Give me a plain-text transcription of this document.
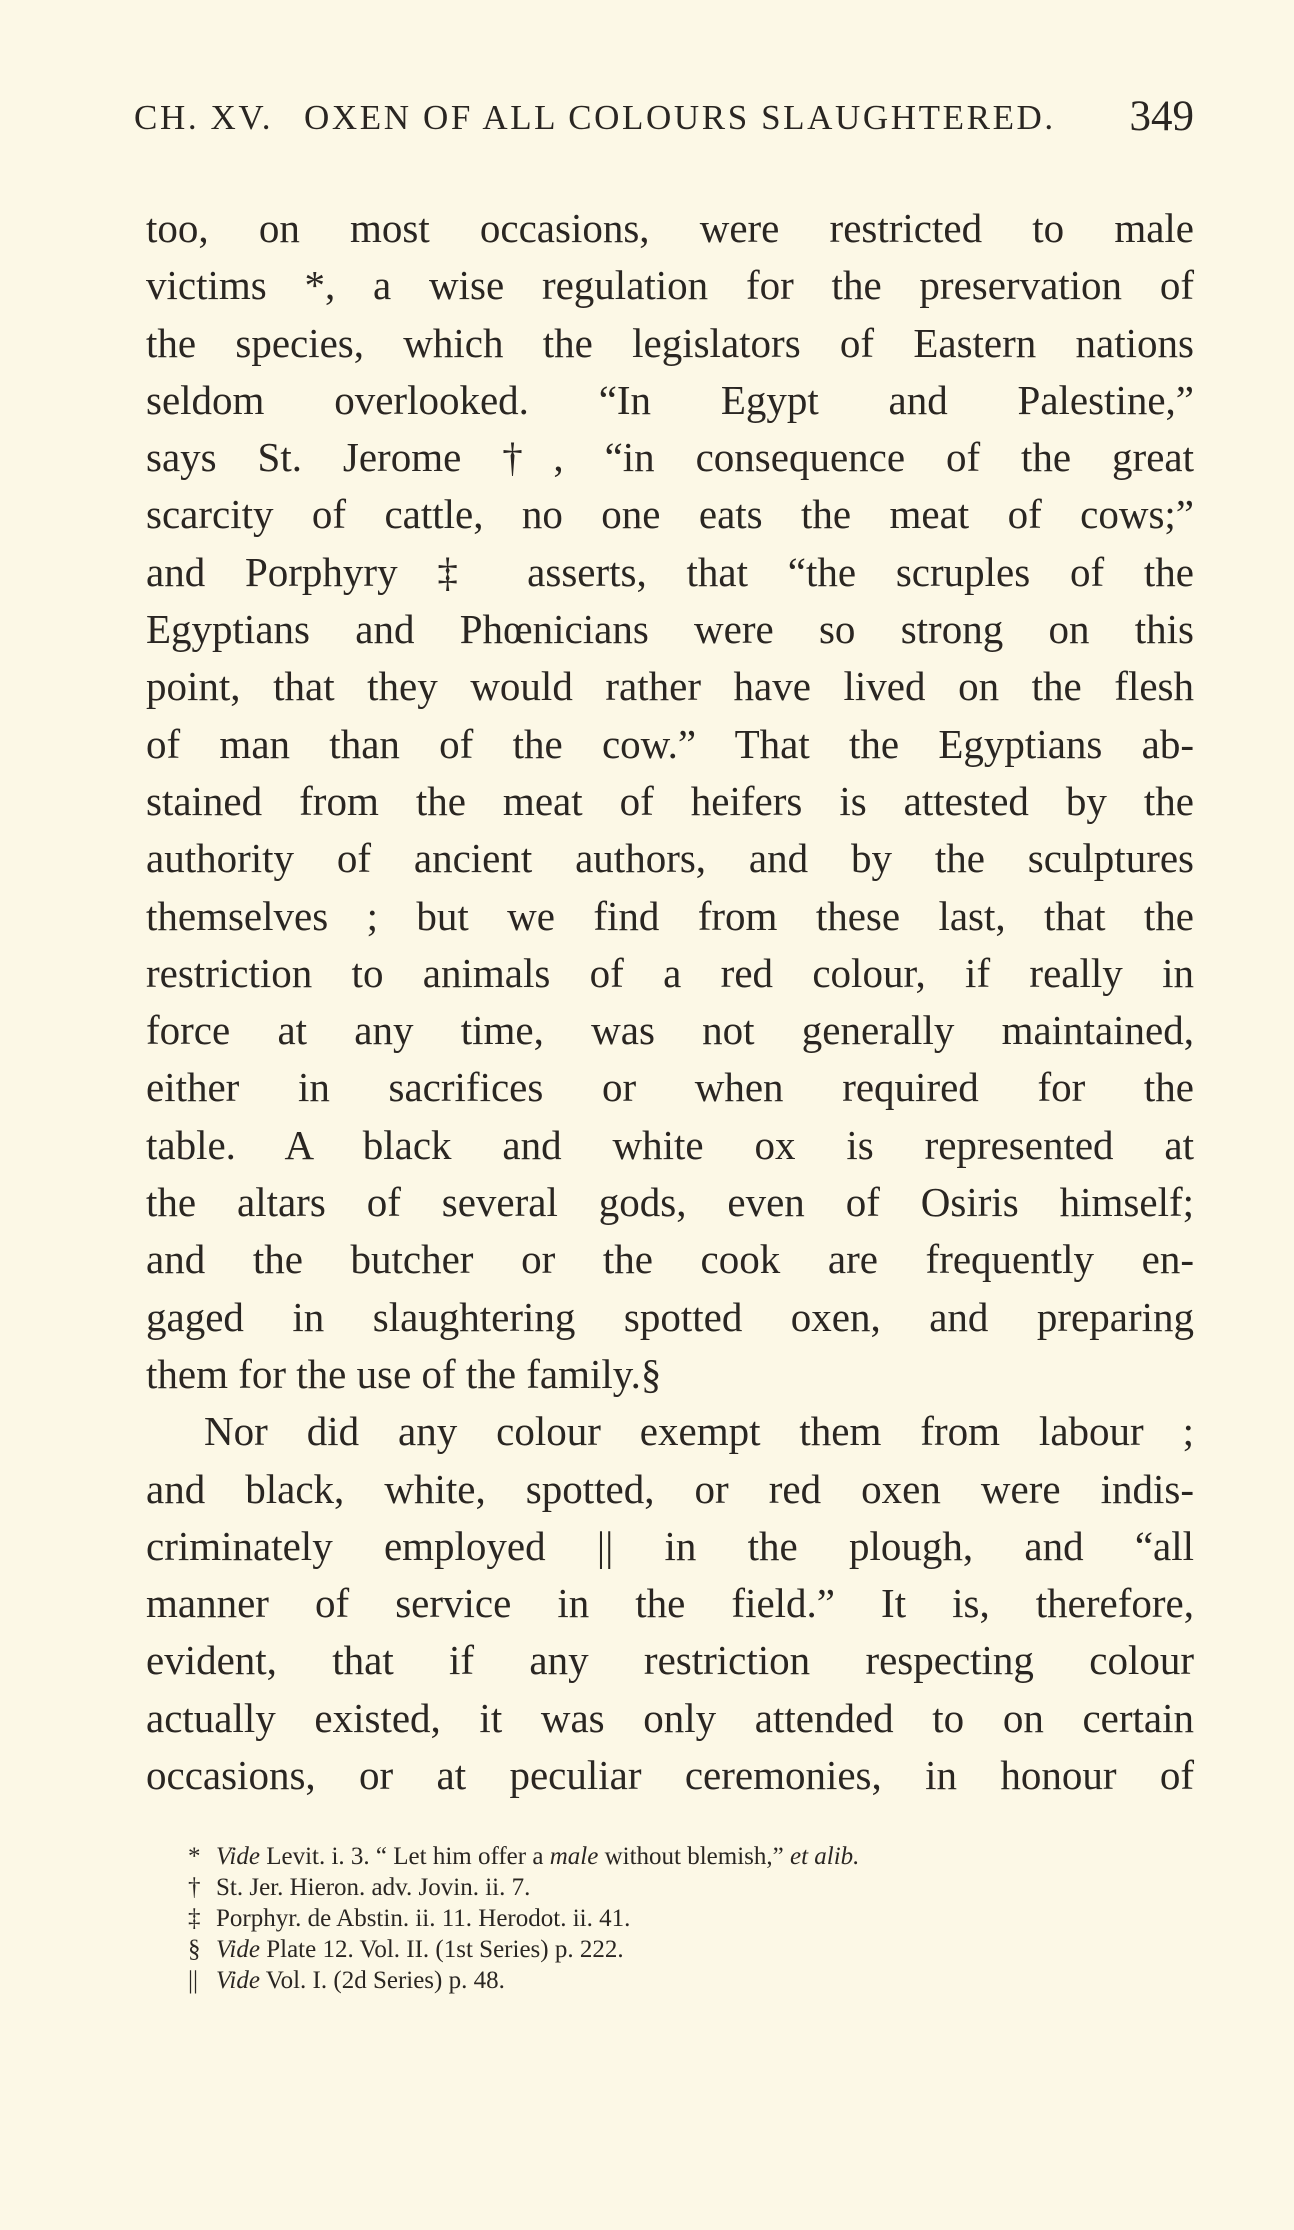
CH. XV. OXEN OF ALL COLOURS SLAUGHTERED. 349
too, on most occasions, were restricted to male
victims *, a wise regulation for the preservation of
the species, which the legislators of Eastern nations
seldom overlooked. “In Egypt and Palestine,”
says St. Jerome †, “in consequence of the great
scarcity of cattle, no one eats the meat of cows;”
and Porphyry ‡ asserts, that “the scruples of the
Egyptians and Phœnicians were so strong on this
point, that they would rather have lived on the flesh
of man than of the cow.” That the Egyptians ab-
stained from the meat of heifers is attested by the
authority of ancient authors, and by the sculptures
themselves ; but we find from these last, that the
restriction to animals of a red colour, if really in
force at any time, was not generally maintained,
either in sacrifices or when required for the
table. A black and white ox is represented at
the altars of several gods, even of Osiris himself;
and the butcher or the cook are frequently en-
gaged in slaughtering spotted oxen, and preparing
them for the use of the family.§
Nor did any colour exempt them from labour ;
and black, white, spotted, or red oxen were indis-
criminately employed || in the plough, and “all
manner of service in the field.” It is, therefore,
evident, that if any restriction respecting colour
actually existed, it was only attended to on certain
occasions, or at peculiar ceremonies, in honour of
* Vide Levit. i. 3. “ Let him offer a male without blemish,” et alib.
† St. Jer. Hieron. adv. Jovin. ii. 7.
‡ Porphyr. de Abstin. ii. 11. Herodot. ii. 41.
§ Vide Plate 12. Vol. II. (1st Series) p. 222.
|| Vide Vol. I. (2d Series) p. 48.
